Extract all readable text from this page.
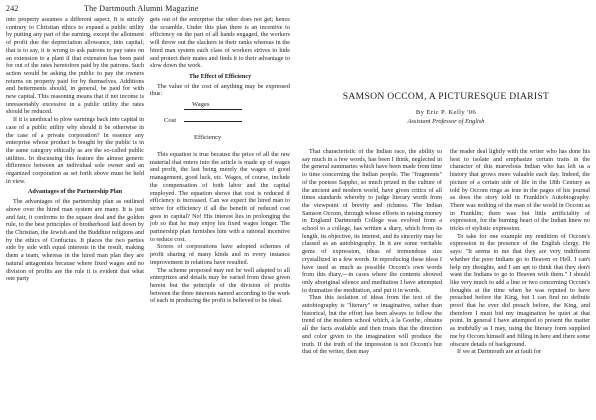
242	The Dartmouth Alumni Magazine

into property assumes a different aspect. It is strictly contrary to Christian ethics to expand a public utility by putting any part of the earning, except the allotment of profit due the depreciation allowance, into capital; that is to say, it is wrong to ask patrons to pay rates on an extension to a plant if that extension has been paid for out of the rates heretofore paid by the patrons. Such action would be asking the public to pay the owners returns on property paid for by themselves. Additions and betterments should, in general, be paid for with new capital. This reasoning means that if net income is unreasonably excessive in a public utility the rates should be reduced.

If it is unethical to plow earnings back into capital in case of a public utility why should it be otherwise in the case of a private corporation? In essence any enterprise whose product is bought by the public is in the same category ethically as are the so-called public utilities. In discussing this feature the almost generic difference between an individual sole owner and an organized corporation as set forth above must be held in view.

Advantages of the Partnership Plan

The advantages of the partnership plan as outlined above over the hired man system are many. It is just and fair, it conforms to the square deal and the golden rule, to the best principles of brotherhood laid down by the Christian, the Jewish and the Buddhist religions and by the ethics of Confucius. It places the two parties side by side with equal interests in the result, making them a team, whereas in the hired man plan they are natural antagonists because where fixed wages and no division of profits are the rule it is evident that what one party

gets out of the enterprise the other does not get; hence the scramble. Under this plan there is an incentive to efficiency on the part of all hands engaged, the workers will throw out the slackers in their ranks whereas in the hired man system each class of workers strives to hide and protect their mates and finds it to their advantage to slow down the work.

The Effect of Efficiency

The value of the cost of anything may be expressed thus:

Wages
Cost
Efficiency

This equation is true because the price of all the raw material that enters into the article is made up of wages and profit, the last being merely the wages of good management, good luck, etc. Wages, of course, include the compensation of both labor and the capital employed. The equation shows that cost is reduced if efficiency is increased. Can we expect the hired man to strive for efficiency if all the benefit of reduced cost goes to capital? No! His interest lies in prolonging the job so that he may enjoy his fixed wages longer. The partnership plan furnishes him with a rational incentive to reduce cost.

Scores of corporations have adopted schemes of profit sharing of many kinds and in every instance improvement in relations have resulted.

The scheme proposed may not be well adapted to all enterprizes and details may be varied from those given herein but the principle of the division of profits between the three interests named according to the work of each in producing the profit is believed to be ideal.

SAMSON OCCOM, A PICTURESQUE DIARIST
By Eric P. Kelly '06
Assistant Professor of English

That characteristic of the Indian race, the ability to say much in a few words, has been I think, neglected in the general summaries which have been made from time to time concerning the Indian people. The "fragments" of the poetess Sappho, so much prized in the culture of the ancient and modern world, have given critics of all times standards whereby to judge literary worth from the viewpoint of brevity and richness. The Indian Samson Occom, through whose efforts in raising money in England Dartmouth College was evolved from a school to a college, has written a diary, which from its length, its objective, its interest, and its sincerity may be classed as an autobiography. In it are some veritable gems of expression, ideas of tremendous size crystallized in a few words. In reproducing these ideas I have used as much as possible Occom's own words from this diary,—in cases where the contents showed only aboriginal silence and meditation I have attempted to dramatize the meditation, and put it in words.

Thus this isolation of ideas from the text of the autobiography is "literary" or imaginative, rather than historical, but the effort has been always to follow the trend of the modern school which, à la Goethe, obtains all the facts available and then trusts that the direction and color given to the imagination will produce the truth. If the truth of the impression is not Occom's but that of the writer, then may

the reader deal lightly with the writer who has done his best to isolate and emphasize certain traits in the character of this marvelous Indian who has left us a history that grows more valuable each day. Indeed, the picture of a certain side of life in the 18th Century as told by Occom rings as true in the pages of his journal as does the story told in Franklin's Autobiography. There was nothing of the man of the world in Occom as in Franklin; there was but little artificiality of expression, for the burning heart of the Indian knew no tricks of stylistic expression.

To take for one example my rendition of Occom's expression in the presence of the English clergy. He says: "It seems to me that they are very indifferent whether the poor Indians go to Heaven or Hell. I can't help my thoughts, and I am apt to think that they don't want the Indians to go to Heaven with them." I should like very much to add a line or two concerning Occom's thoughts at the time when he was reputed to have preached before the King, but I can find no definite proof that he ever did preach before, the King, and therefore I must bid my imagination be quiet at that point. In general I have attempted to present the matter as truthfully as I may, using the literary form supplied me by Occom himself and filling in here and there some obscure details of background.

If we at Dartmouth are at fault for
